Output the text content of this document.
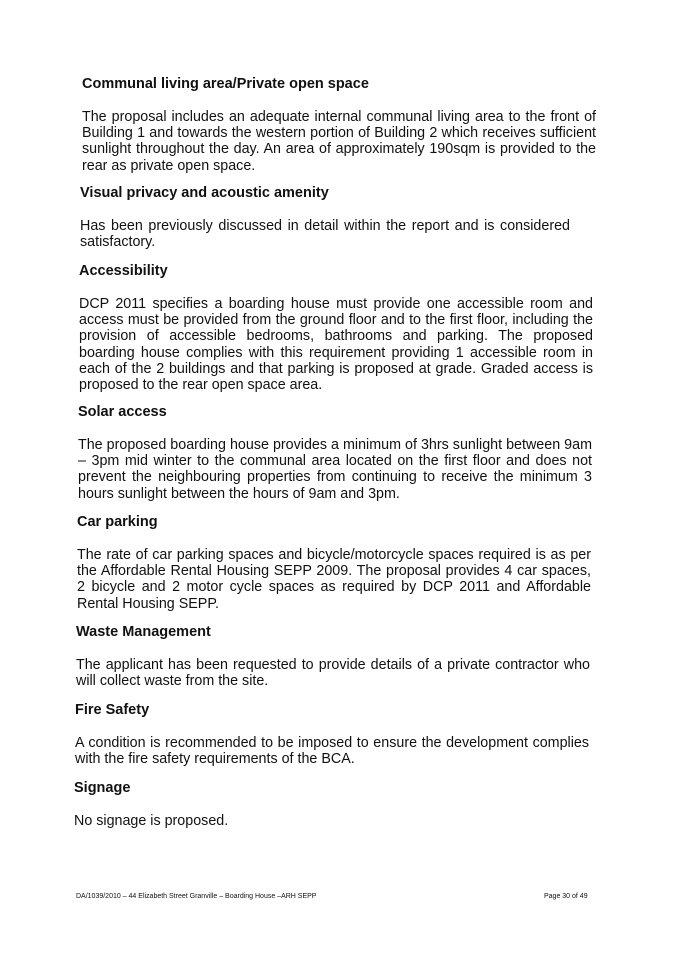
Communal living area/Private open space

The proposal includes an adequate internal communal living area to the front of Building 1 and towards the western portion of Building 2 which receives sufficient sunlight throughout the day. An area of approximately 190sqm is provided to the rear as private open space.

Visual privacy and acoustic amenity

Has been previously discussed in detail within the report and is considered satisfactory.

Accessibility

DCP 2011 specifies a boarding house must provide one accessible room and access must be provided from the ground floor and to the first floor, including the provision of accessible bedrooms, bathrooms and parking. The proposed boarding house complies with this requirement providing 1 accessible room in each of the 2 buildings and that parking is proposed at grade. Graded access is proposed to the rear open space area.

Solar access

The proposed boarding house provides a minimum of 3hrs sunlight between 9am – 3pm mid winter to the communal area located on the first floor and does not prevent the neighbouring properties from continuing to receive the minimum 3 hours sunlight between the hours of 9am and 3pm.

Car parking

The rate of car parking spaces and bicycle/motorcycle spaces required is as per the Affordable Rental Housing SEPP 2009. The proposal provides 4 car spaces, 2 bicycle and 2 motor cycle spaces as required by DCP 2011 and Affordable Rental Housing SEPP.

Waste Management

The applicant has been requested to provide details of a private contractor who will collect waste from the site.

Fire Safety

A condition is recommended to be imposed to ensure the development complies with the fire safety requirements of the BCA.

Signage

No signage is proposed.

DA/1039/2010 – 44 Elizabeth Street Granville – Boarding House –ARH SEPP	Page 30 of 49
